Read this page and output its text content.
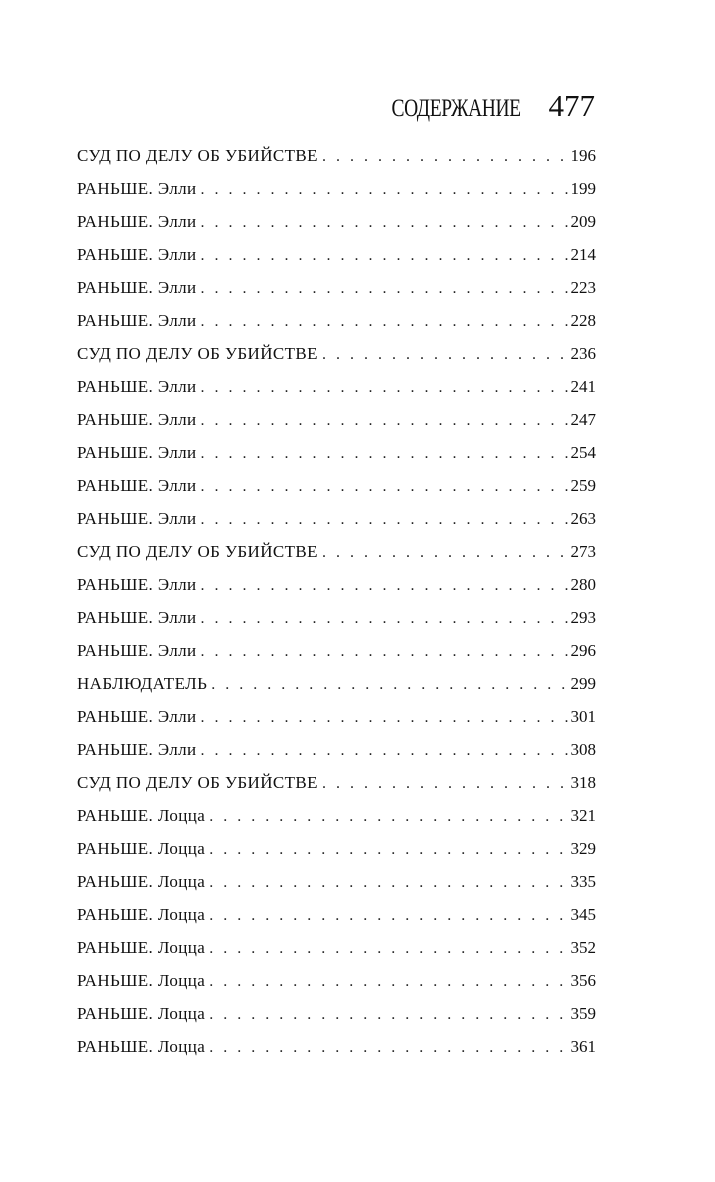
СОДЕРЖАНИЕ 477
СУД ПО ДЕЛУ ОБ УБИЙСТВЕ . . .	196
РАНЬШЕ. Элли . . .	199
РАНЬШЕ. Элли . . .	209
РАНЬШЕ. Элли . . .	214
РАНЬШЕ. Элли . . .	223
РАНЬШЕ. Элли . . .	228
СУД ПО ДЕЛУ ОБ УБИЙСТВЕ . . .	236
РАНЬШЕ. Элли . . .	241
РАНЬШЕ. Элли . . .	247
РАНЬШЕ. Элли . . .	254
РАНЬШЕ. Элли . . .	259
РАНЬШЕ. Элли . . .	263
СУД ПО ДЕЛУ ОБ УБИЙСТВЕ . . .	273
РАНЬШЕ. Элли . . .	280
РАНЬШЕ. Элли . . .	293
РАНЬШЕ. Элли . . .	296
НАБЛЮДАТЕЛЬ . . .	299
РАНЬШЕ. Элли . . .	301
РАНЬШЕ. Элли . . .	308
СУД ПО ДЕЛУ ОБ УБИЙСТВЕ . . .	318
РАНЬШЕ. Лоцца . . .	321
РАНЬШЕ. Лоцца . . .	329
РАНЬШЕ. Лоцца . . .	335
РАНЬШЕ. Лоцца . . .	345
РАНЬШЕ. Лоцца . . .	352
РАНЬШЕ. Лоцца . . .	356
РАНЬШЕ. Лоцца . . .	359
РАНЬШЕ. Лоцца . . .	361
